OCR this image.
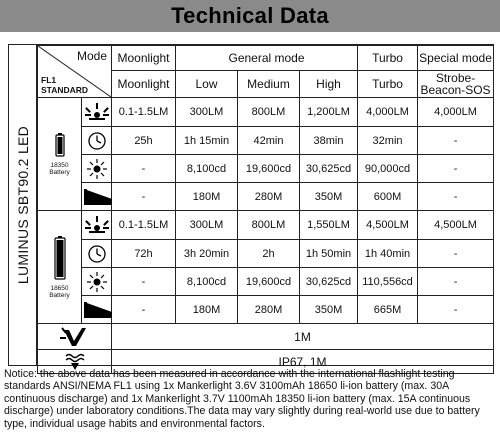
Technical Data
LUMINUS SBT90.2 LED
Mode
FL1
STANDARD		Moonlight	General mode			Turbo	Special mode
		Moonlight	Low	Medium	High	Turbo	Strobe-
Beacon-SOS

18350
Battery		0.1-1.5LM	300LM	800LM	1,200LM	4,000LM	4,000LM

	25h	1h 15min	42min	38min	32min	-

	-	8,100cd	19,600cd	30,625cd	90,000cd	-

	-	180M	280M	350M	600M	-

18650
Battery		0.1-1.5LM	300LM	800LM	1,550LM	4,500LM	4,500LM

	72h	3h 20min	2h	1h 50min	1h 40min	-

	-	8,100cd	19,600cd	30,625cd	110,556cd	-

	-	180M	280M	350M	665M	-

	1M					

	IP67, 1M					
Notice: the above data has been measured in accordance with the international flashlight testing standards ANSI/NEMA FL1 using 1x Mankerlight 3.6V 3100mAh 18650 li-ion battery (max. 30A continuous discharge) and 1x Mankerlight 3.7V 1100mAh 18350 li-ion battery (max. 15A continuous discharge) under laboratory conditions.The data may vary slightly during real-world use due to battery type, individual usage habits and environmental factors.
